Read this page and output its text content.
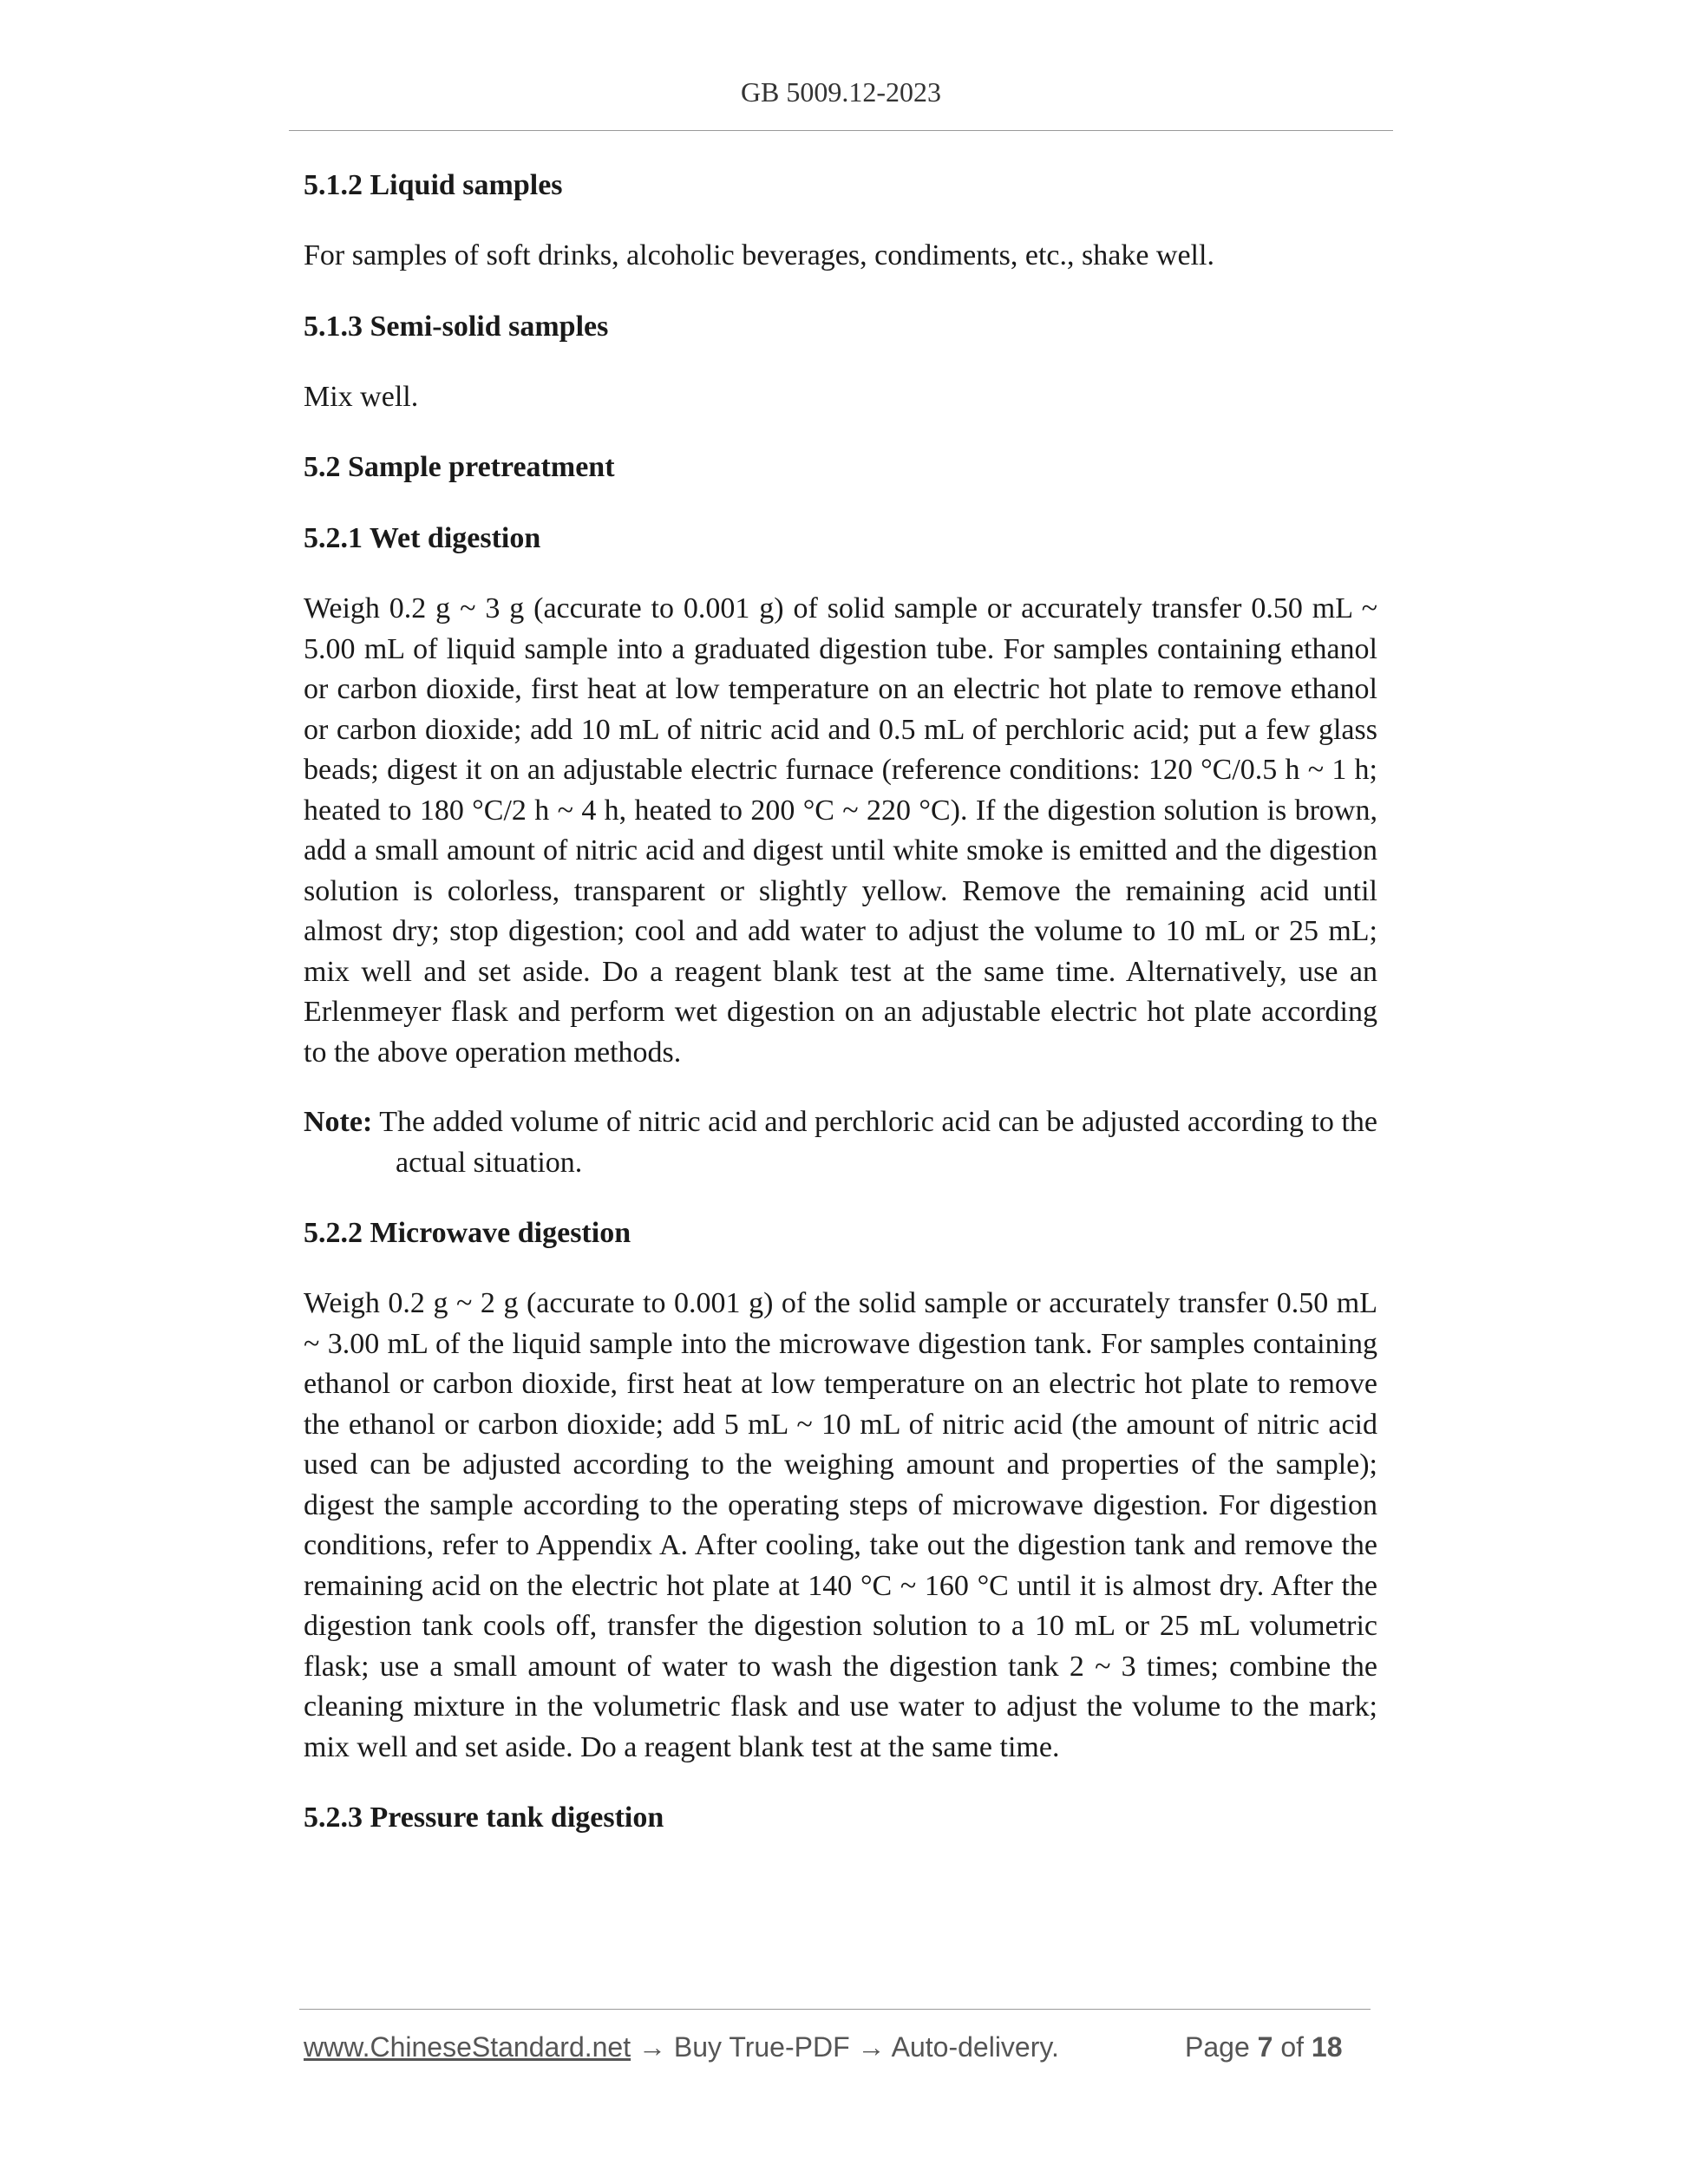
GB 5009.12-2023
5.1.2 Liquid samples

For samples of soft drinks, alcoholic beverages, condiments, etc., shake well.

5.1.3 Semi-solid samples

Mix well.

5.2 Sample pretreatment
5.2.1 Wet digestion

Weigh 0.2 g ~ 3 g (accurate to 0.001 g) of solid sample or accurately transfer 0.50 mL ~ 5.00 mL of liquid sample into a graduated digestion tube. For samples containing ethanol or carbon dioxide, first heat at low temperature on an electric hot plate to remove ethanol or carbon dioxide; add 10 mL of nitric acid and 0.5 mL of perchloric acid; put a few glass beads; digest it on an adjustable electric furnace (reference conditions: 120 °C/0.5 h ~ 1 h; heated to 180 °C/2 h ~ 4 h, heated to 200 °C ~ 220 °C). If the digestion solution is brown, add a small amount of nitric acid and digest until white smoke is emitted and the digestion solution is colorless, transparent or slightly yellow. Remove the remaining acid until almost dry; stop digestion; cool and add water to adjust the volume to 10 mL or 25 mL; mix well and set aside. Do a reagent blank test at the same time. Alternatively, use an Erlenmeyer flask and perform wet digestion on an adjustable electric hot plate according to the above operation methods.

Note: The added volume of nitric acid and perchloric acid can be adjusted according to the actual situation.

5.2.2 Microwave digestion

Weigh 0.2 g ~ 2 g (accurate to 0.001 g) of the solid sample or accurately transfer 0.50 mL ~ 3.00 mL of the liquid sample into the microwave digestion tank. For samples containing ethanol or carbon dioxide, first heat at low temperature on an electric hot plate to remove the ethanol or carbon dioxide; add 5 mL ~ 10 mL of nitric acid (the amount of nitric acid used can be adjusted according to the weighing amount and properties of the sample); digest the sample according to the operating steps of microwave digestion. For digestion conditions, refer to Appendix A. After cooling, take out the digestion tank and remove the remaining acid on the electric hot plate at 140 °C ~ 160 °C until it is almost dry. After the digestion tank cools off, transfer the digestion solution to a 10 mL or 25 mL volumetric flask; use a small amount of water to wash the digestion tank 2 ~ 3 times; combine the cleaning mixture in the volumetric flask and use water to adjust the volume to the mark; mix well and set aside. Do a reagent blank test at the same time.

5.2.3 Pressure tank digestion
www.ChineseStandard.net → Buy True-PDF → Auto-delivery.	Page 7 of 18
